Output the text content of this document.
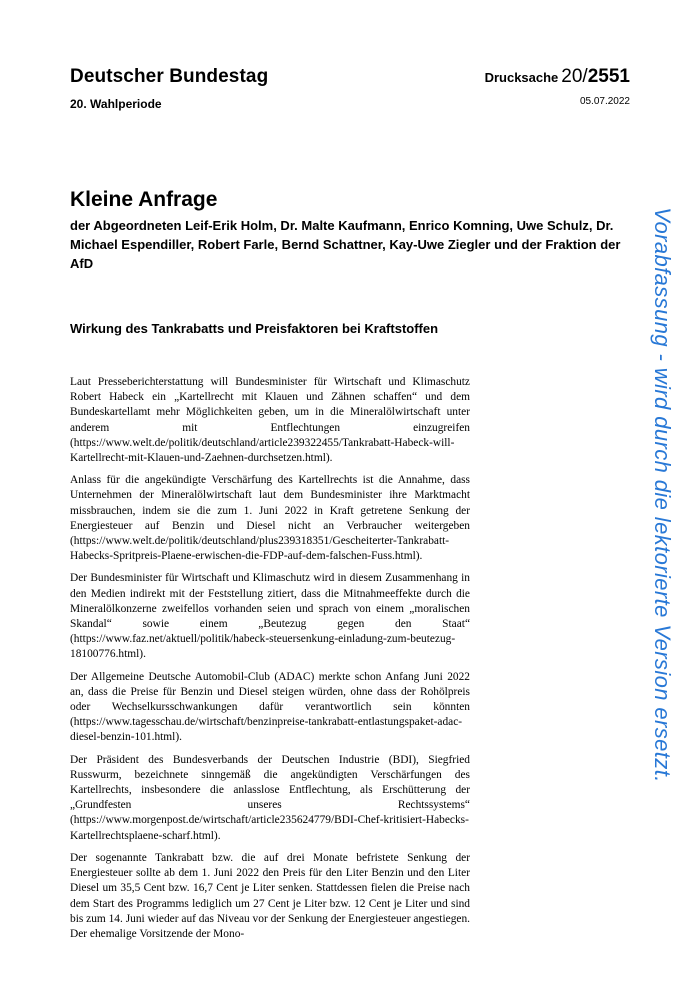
Deutscher Bundestag
20. Wahlperiode
Drucksache 20/2551
05.07.2022
Kleine Anfrage
der Abgeordneten Leif-Erik Holm, Dr. Malte Kaufmann, Enrico Komning, Uwe Schulz, Dr. Michael Espendiller, Robert Farle, Bernd Schattner, Kay-Uwe Ziegler und der Fraktion der AfD
Wirkung des Tankrabatts und Preisfaktoren bei Kraftstoffen

Laut Presseberichterstattung will Bundesminister für Wirtschaft und Klimaschutz Robert Habeck ein „Kartellrecht mit Klauen und Zähnen schaffen“ und dem Bundeskartellamt mehr Möglichkeiten geben, um in die Mineralölwirtschaft unter anderem mit Entflechtungen einzugreifen (https://www.welt.de/politik/deutschland/article239322455/Tankrabatt-Habeck-will-Kartellrecht-mit-Klauen-und-Zaehnen-durchsetzen.html).

Anlass für die angekündigte Verschärfung des Kartellrechts ist die Annahme, dass Unternehmen der Mineralölwirtschaft laut dem Bundesminister ihre Marktmacht missbrauchen, indem sie die zum 1. Juni 2022 in Kraft getretene Senkung der Energiesteuer auf Benzin und Diesel nicht an Verbraucher weitergeben (https://www.welt.de/politik/deutschland/plus239318351/Gescheiterter-Tankrabatt-Habecks-Spritpreis-Plaene-erwischen-die-FDP-auf-dem-falschen-Fuss.html).

Der Bundesminister für Wirtschaft und Klimaschutz wird in diesem Zusammenhang in den Medien indirekt mit der Feststellung zitiert, dass die Mitnahmeeffekte durch die Mineralölkonzerne zweifellos vorhanden seien und sprach von einem „moralischen Skandal“ sowie einem „Beutezug gegen den Staat“ (https://www.faz.net/aktuell/politik/habeck-steuersenkung-einladung-zum-beutezug-18100776.html).

Der Allgemeine Deutsche Automobil-Club (ADAC) merkte schon Anfang Juni 2022 an, dass die Preise für Benzin und Diesel steigen würden, ohne dass der Rohölpreis oder Wechselkursschwankungen dafür verantwortlich sein könnten (https://www.tagesschau.de/wirtschaft/benzinpreise-tankrabatt-entlastungspaket-adac-diesel-benzin-101.html).

Der Präsident des Bundesverbands der Deutschen Industrie (BDI), Siegfried Russwurm, bezeichnete sinngemäß die angekündigten Verschärfungen des Kartellrechts, insbesondere die anlasslose Entflechtung, als Erschütterung der „Grundfesten unseres Rechtssystems“ (https://www.morgenpost.de/wirtschaft/article235624779/BDI-Chef-kritisiert-Habecks-Kartellrechtsplaene-scharf.html).

Der sogenannte Tankrabatt bzw. die auf drei Monate befristete Senkung der Energiesteuer sollte ab dem 1. Juni 2022 den Preis für den Liter Benzin und den Liter Diesel um 35,5 Cent bzw. 16,7 Cent je Liter senken. Stattdessen fielen die Preise nach dem Start des Programms lediglich um 27 Cent je Liter bzw. 12 Cent je Liter und sind bis zum 14. Juni wieder auf das Niveau vor der Senkung der Energiesteuer angestiegen. Der ehemalige Vorsitzende der Mono-

Vorabfassung - wird durch die lektorierte Version ersetzt.
